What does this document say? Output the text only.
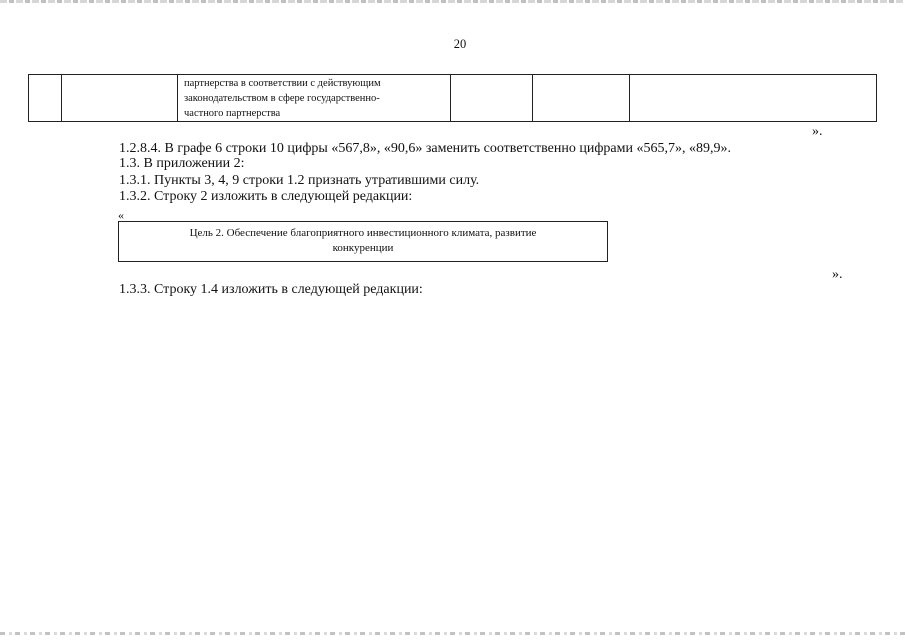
20

партнерства в соответствии с действующим
законодательством в сфере государственно-
частного партнерства

».
1.2.8.4. В графе 6 строки 10 цифры «567,8», «90,6» заменить соответственно цифрами «565,7», «89,9».
1.3. В приложении 2:
1.3.1. Пункты 3, 4, 9 строки 1.2 признать утратившими силу.
1.3.2. Строку 2 изложить в следующей редакции:
«
Цель 2. Обеспечение благоприятного инвестиционного климата, развитие
конкуренции
».
1.3.3. Строку 1.4 изложить в следующей редакции:
